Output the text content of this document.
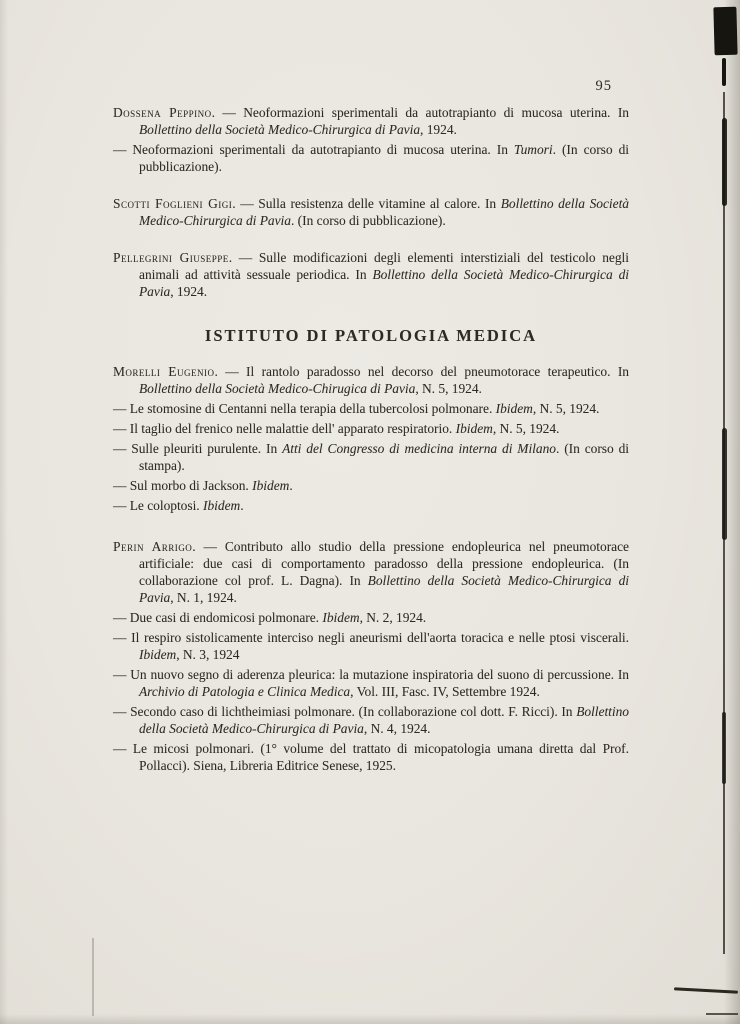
95

Dossena Peppino. — Neoformazioni sperimentali da autotrapianto di mucosa uterina. In Bollettino della Società Medico-Chirurgica di Pavia, 1924.

— Neoformazioni sperimentali da autotrapianto di mucosa uterina. In Tumori. (In corso di pubblicazione).

Scotti Foglieni Gigi. — Sulla resistenza delle vitamine al calore. In Bollettino della Società Medico-Chirurgica di Pavia. (In corso di pubblicazione).

Pellegrini Giuseppe. — Sulle modificazioni degli elementi interstiziali del testicolo negli animali ad attività sessuale periodica. In Bollettino della Società Medico-Chirurgica di Pavia, 1924.

ISTITUTO DI PATOLOGIA MEDICA

Morelli Eugenio. — Il rantolo paradosso nel decorso del pneumotorace terapeutico. In Bollettino della Società Medico-Chirugica di Pavia, N. 5, 1924.

— Le stomosine di Centanni nella terapia della tubercolosi polmonare. Ibidem, N. 5, 1924.

— Il taglio del frenico nelle malattie dell' apparato respiratorio. Ibidem, N. 5, 1924.

— Sulle pleuriti purulente. In Atti del Congresso di medicina interna di Milano. (In corso di stampa).

— Sul morbo di Jackson. Ibidem.

— Le coloptosi. Ibidem.

Perin Arrigo. — Contributo allo studio della pressione endopleurica nel pneumotorace artificiale: due casi di comportamento paradosso della pressione endopleurica. (In collaborazione col prof. L. Dagna). In Bollettino della Società Medico-Chirurgica di Pavia, N. 1, 1924.

— Due casi di endomicosi polmonare. Ibidem, N. 2, 1924.

— Il respiro sistolicamente interciso negli aneurismi dell'aorta toracica e nelle ptosi viscerali. Ibidem, N. 3, 1924

— Un nuovo segno di aderenza pleurica: la mutazione inspiratoria del suono di percussione. In Archivio di Patologia e Clinica Medica, Vol. III, Fasc. IV, Settembre 1924.

— Secondo caso di lichtheimiasi polmonare. (In collaborazione col dott. F. Ricci). In Bollettino della Società Medico-Chirurgica di Pavia, N. 4, 1924.

— Le micosi polmonari. (1° volume del trattato di micopatologia umana diretta dal Prof. Pollacci). Siena, Libreria Editrice Senese, 1925.
